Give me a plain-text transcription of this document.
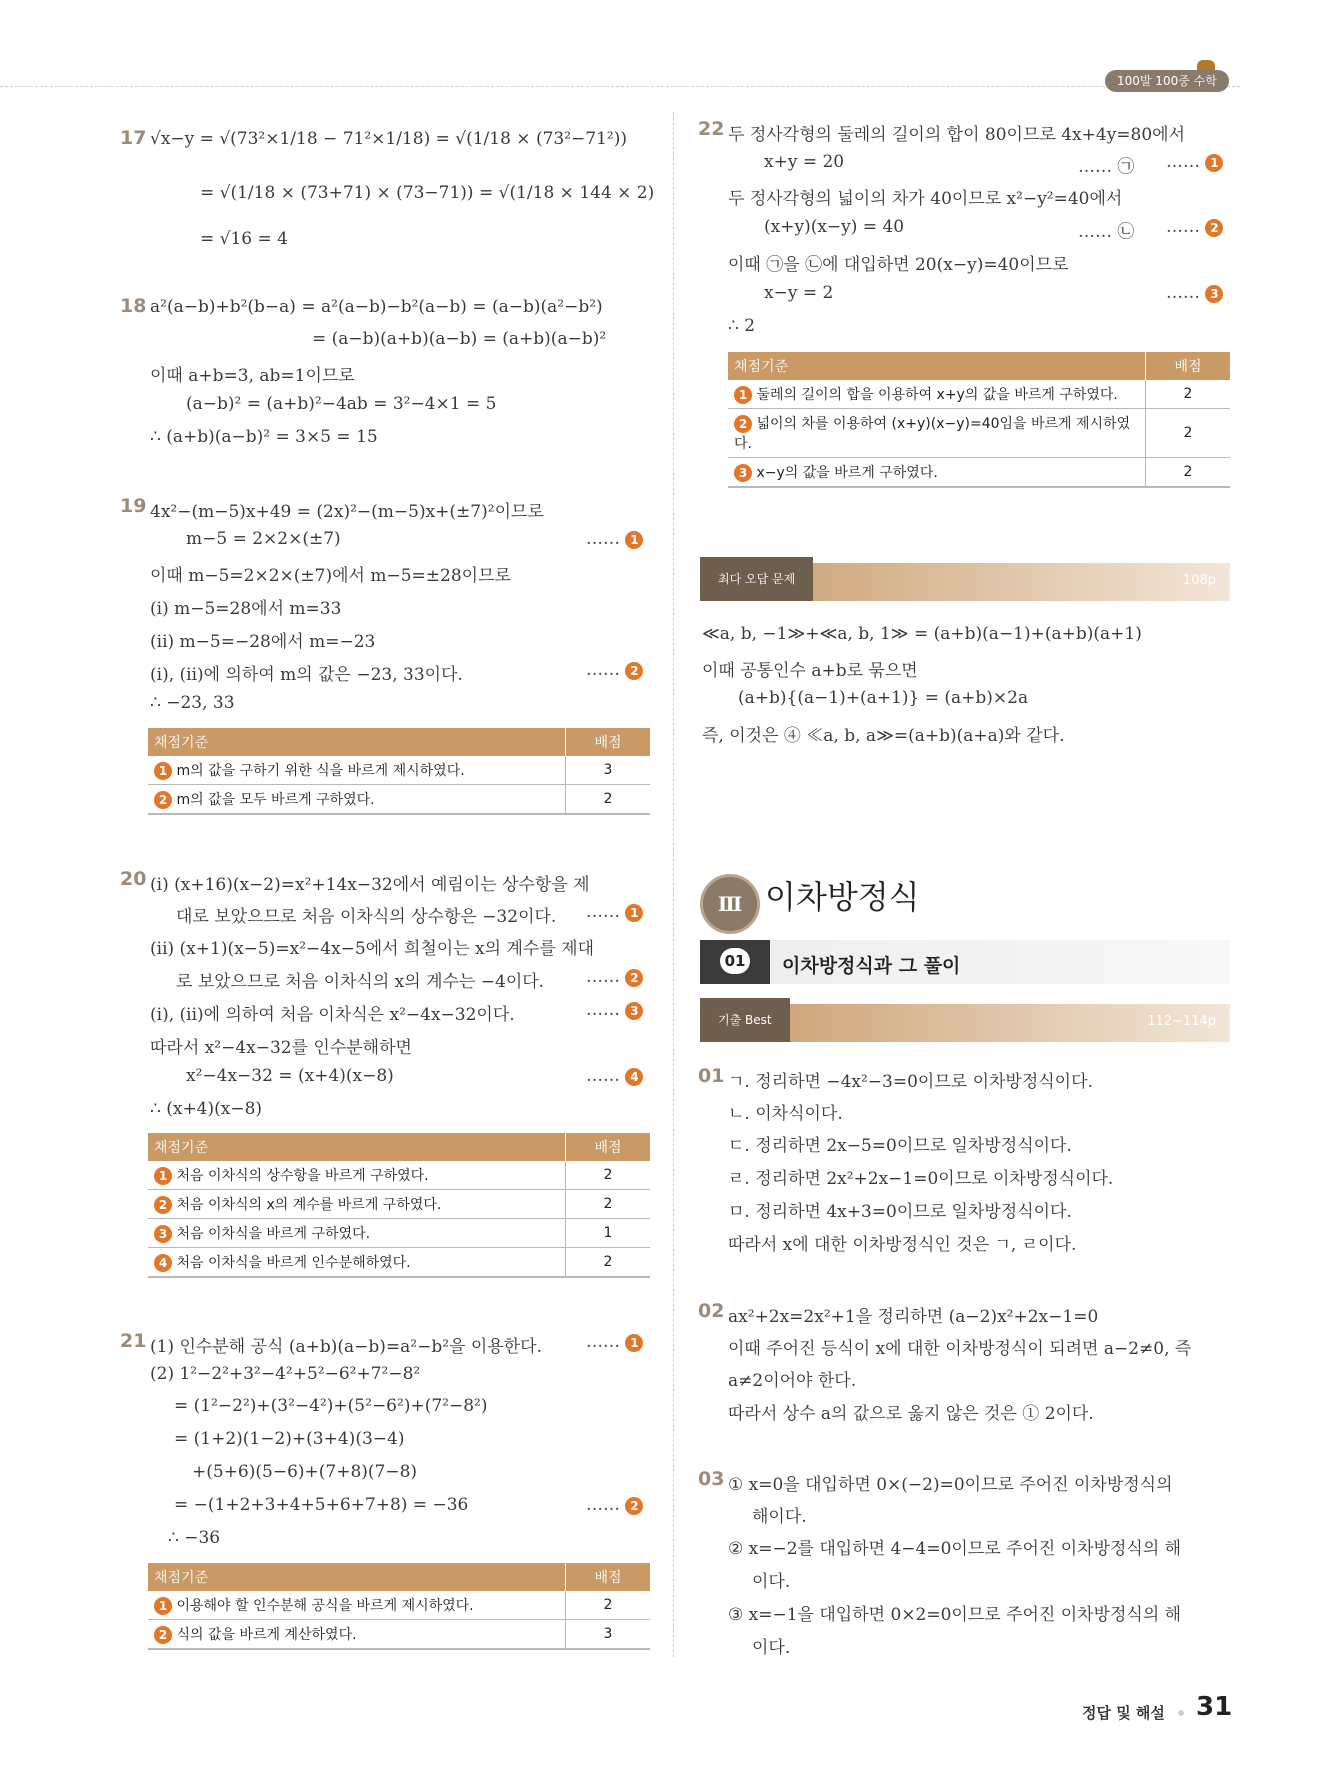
100발 100중 수학
17 √x−y = √(73²×1/18 − 71²×1/18) = √(1/18 × (73²−71²))
= √(1/18 × (73+71) × (73−71)) = √(1/18 × 144 × 2)
= √16 = 4
18 a²(a−b)+b²(b−a) = a²(a−b)−b²(a−b) = (a−b)(a²−b²)
= (a−b)(a+b)(a−b) = (a+b)(a−b)²
이때 a+b=3, ab=1이므로
(a−b)² = (a+b)²−4ab = 3²−4×1 = 5
∴ (a+b)(a−b)² = 3×5 = 15
19 4x²−(m−5)x+49 = (2x)²−(m−5)x+(±7)²이므로
m−5 = 2×2×(±7)	…… 1
이때 m−5=2×2×(±7)에서 m−5=±28이므로
(i) m−5=28에서 m=33
(ii) m−5=−28에서 m=−23
(i), (ii)에 의하여 m의 값은 −23, 33이다.	…… 2
∴ −23, 33
채점기준	배점
1 m의 값을 구하기 위한 식을 바르게 제시하였다.	3
2 m의 값을 모두 바르게 구하였다.	2
20 (i) (x+16)(x−2)=x²+14x−32에서 예림이는 상수항을 제
대로 보았으므로 처음 이차식의 상수항은 −32이다. …… 1
(ii) (x+1)(x−5)=x²−4x−5에서 희철이는 x의 계수를 제대
로 보았으므로 처음 이차식의 x의 계수는 −4이다. …… 2
(i), (ii)에 의하여 처음 이차식은 x²−4x−32이다.	…… 3
따라서 x²−4x−32를 인수분해하면
x²−4x−32 = (x+4)(x−8)	…… 4
∴ (x+4)(x−8)
채점기준	배점
1 처음 이차식의 상수항을 바르게 구하였다.	2
2 처음 이차식의 x의 계수를 바르게 구하였다.	2
3 처음 이차식을 바르게 구하였다.	1
4 처음 이차식을 바르게 인수분해하였다.	2
21 (1) 인수분해 공식 (a+b)(a−b)=a²−b²을 이용한다.	…… 1
(2) 1²−2²+3²−4²+5²−6²+7²−8²
= (1²−2²)+(3²−4²)+(5²−6²)+(7²−8²)
= (1+2)(1−2)+(3+4)(3−4)
+(5+6)(5−6)+(7+8)(7−8)
= −(1+2+3+4+5+6+7+8) = −36	…… 2
∴ −36
채점기준	배점
1 이용해야 할 인수분해 공식을 바르게 제시하였다.	2
2 식의 값을 바르게 계산하였다.	3
22 두 정사각형의 둘레의 길이의 합이 80이므로 4x+4y=80에서
x+y = 20	…… ㉠ …… 1
두 정사각형의 넓이의 차가 40이므로 x²−y²=40에서
(x+y)(x−y) = 40	…… ㉡ …… 2
이때 ㉠을 ㉡에 대입하면 20(x−y)=40이므로
x−y = 2	…… 3
∴ 2
채점기준	배점
1 둘레의 길이의 합을 이용하여 x+y의 값을 바르게 구하였다.	2
2 넓이의 차를 이용하여 (x+y)(x−y)=40임을 바르게 제시하였다.	2
3 x−y의 값을 바르게 구하였다.	2
최다 오답 문제	108p
≪a, b, −1≫+≪a, b, 1≫ = (a+b)(a−1)+(a+b)(a+1)
이때 공통인수 a+b로 묶으면
(a+b){(a−1)+(a+1)} = (a+b)×2a
즉, 이것은 ④ ≪a, b, a≫=(a+b)(a+a)와 같다.
Ⅲ 이차방정식
01 이차방정식과 그 풀이
기출 Best	112~114p
01 ㄱ. 정리하면 −4x²−3=0이므로 이차방정식이다.
ㄴ. 이차식이다.
ㄷ. 정리하면 2x−5=0이므로 일차방정식이다.
ㄹ. 정리하면 2x²+2x−1=0이므로 이차방정식이다.
ㅁ. 정리하면 4x+3=0이므로 일차방정식이다.
따라서 x에 대한 이차방정식인 것은 ㄱ, ㄹ이다.
02 ax²+2x=2x²+1을 정리하면 (a−2)x²+2x−1=0
이때 주어진 등식이 x에 대한 이차방정식이 되려면 a−2≠0, 즉
a≠2이어야 한다.
따라서 상수 a의 값으로 옳지 않은 것은 ① 2이다.
03 ① x=0을 대입하면 0×(−2)=0이므로 주어진 이차방정식의
해이다.
② x=−2를 대입하면 4−4=0이므로 주어진 이차방정식의 해
이다.
③ x=−1을 대입하면 0×2=0이므로 주어진 이차방정식의 해
이다.
정답 및 해설 31
